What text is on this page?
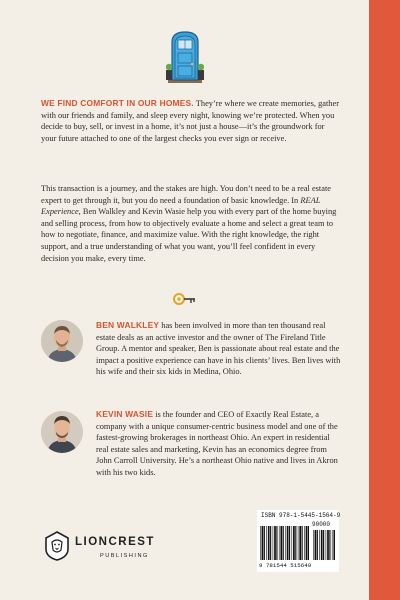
WE FIND COMFORT IN OUR HOMES. They’re where we create memories, gather with our friends and family, and sleep every night, knowing we’re protected. When you decide to buy, sell, or invest in a home, it’s not just a house—it’s the groundwork for your future attached to one of the largest checks you ever sign or receive.

This transaction is a journey, and the stakes are high. You don’t need to be a real estate expert to get through it, but you do need a foundation of basic knowledge. In REAL Experience, Ben Walkley and Kevin Wasie help you with every part of the home buying and selling process, from how to objectively evaluate a home and select a great team to how to negotiate, finance, and maximize value. With the right knowledge, the right support, and a true understanding of what you want, you’ll feel confident in every decision you make, every time.

BEN WALKLEY has been involved in more than ten thousand real estate deals as an active investor and the owner of The Fireland Title Group. A mentor and speaker, Ben is passionate about real estate and the impact a positive experience can have in his clients’ lives. Ben lives with his wife and their six kids in Medina, Ohio.

KEVIN WASIE is the founder and CEO of Exactly Real Estate, a company with a unique consumer-centric business model and one of the fastest-growing brokerages in northeast Ohio. An expert in residential real estate sales and marketing, Kevin has an economics degree from John Carroll University. He’s a northeast Ohio native and lives in Akron with his two kids.

LIONCREST
PUBLISHING
ISBN 978-1-5445-1564-9
90000
9 781544 515649
